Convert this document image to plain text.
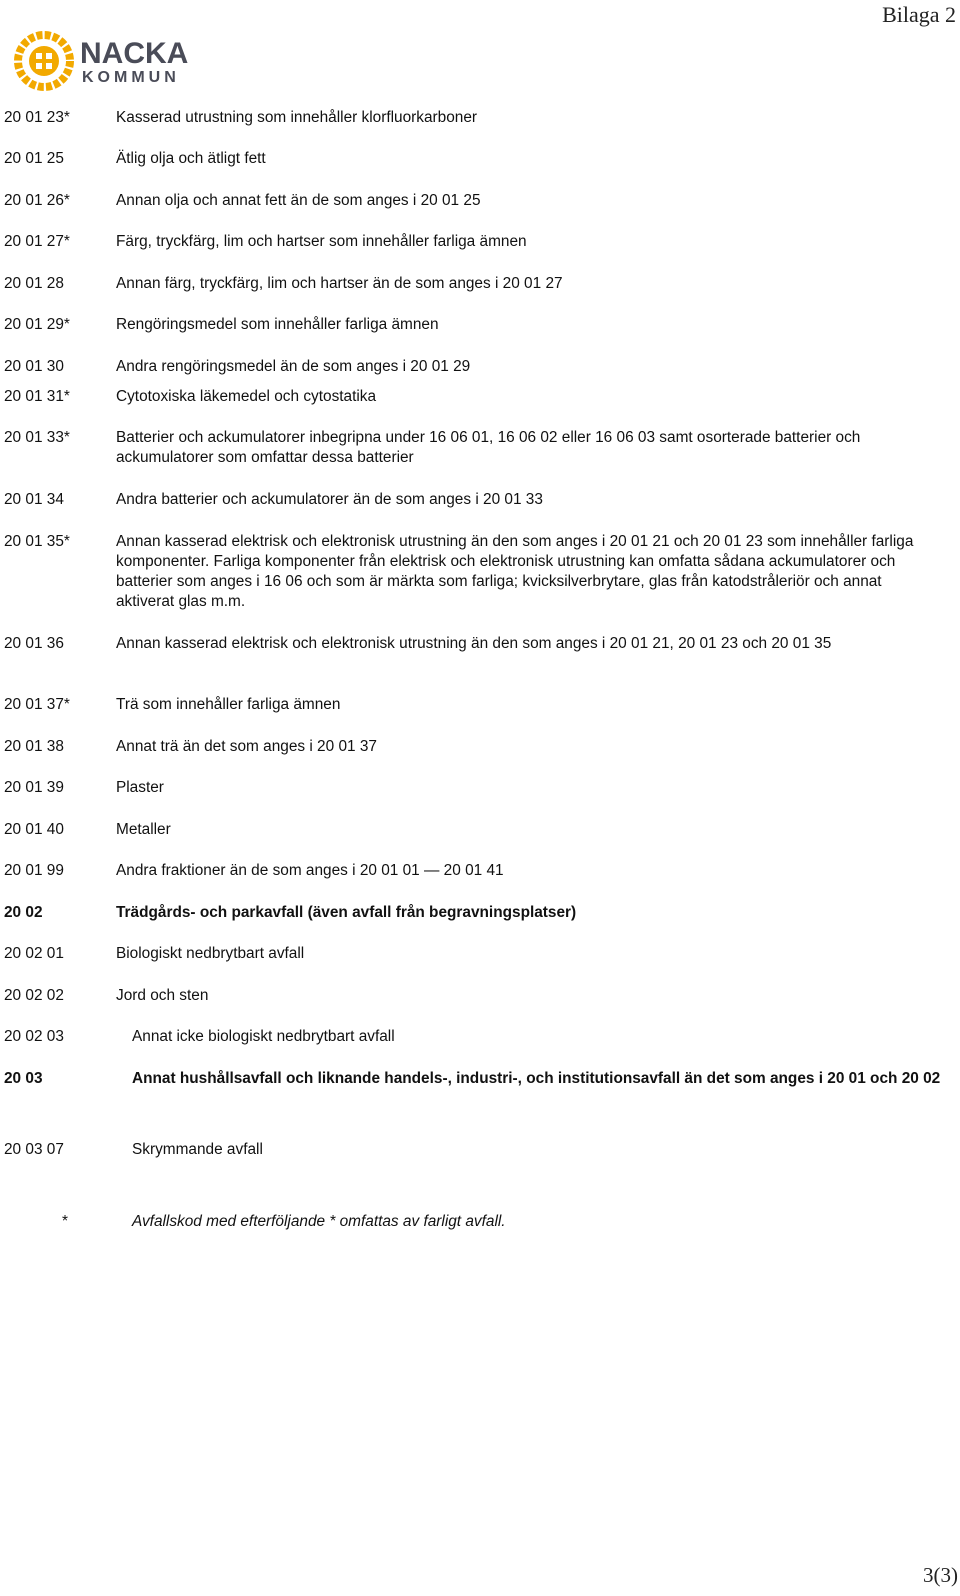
Bilaga 2
NACKA
KOMMUN
20 01 23*	Kasserad utrustning som innehåller klorfluorkarboner
20 01 25	Ätlig olja och ätligt fett
20 01 26*	Annan olja och annat fett än de som anges i 20 01 25
20 01 27*	Färg, tryckfärg, lim och hartser som innehåller farliga ämnen
20 01 28	Annan färg, tryckfärg, lim och hartser än de som anges i 20 01 27
20 01 29*	Rengöringsmedel som innehåller farliga ämnen
20 01 30	Andra rengöringsmedel än de som anges i 20 01 29
20 01 31*	Cytotoxiska läkemedel och cytostatika
20 01 33*	Batterier och ackumulatorer inbegripna under 16 06 01, 16 06 02 eller 16 06 03 samt osorterade batterier och ackumulatorer som omfattar dessa batterier
20 01 34	Andra batterier och ackumulatorer än de som anges i 20 01 33
20 01 35*	Annan kasserad elektrisk och elektronisk utrustning än den som anges i 20 01 21 och 20 01 23 som innehåller farliga komponenter. Farliga komponenter från elektrisk och elektronisk utrustning kan omfatta sådana ackumulatorer och batterier som anges i 16 06 och som är märkta som farliga; kvicksilverbrytare, glas från katodstråleriör och annat aktiverat glas m.m.
20 01 36	Annan kasserad elektrisk och elektronisk utrustning än den som anges i 20 01 21, 20 01 23 och 20 01 35
20 01 37*	Trä som innehåller farliga ämnen
20 01 38	Annat trä än det som anges i 20 01 37
20 01 39	Plaster
20 01 40	Metaller
20 01 99	Andra fraktioner än de som anges i 20 01 01 — 20 01 41
20 02	Trädgårds- och parkavfall (även avfall från begravningsplatser)
20 02 01	Biologiskt nedbrytbart avfall
20 02 02	Jord och sten
20 02 03	Annat icke biologiskt nedbrytbart avfall
20 03	Annat hushållsavfall och liknande handels-, industri-, och institutionsavfall än det som anges i 20 01 och 20 02
20 03 07	Skrymmande avfall
*	Avfallskod med efterföljande * omfattas av farligt avfall.
3(3)
